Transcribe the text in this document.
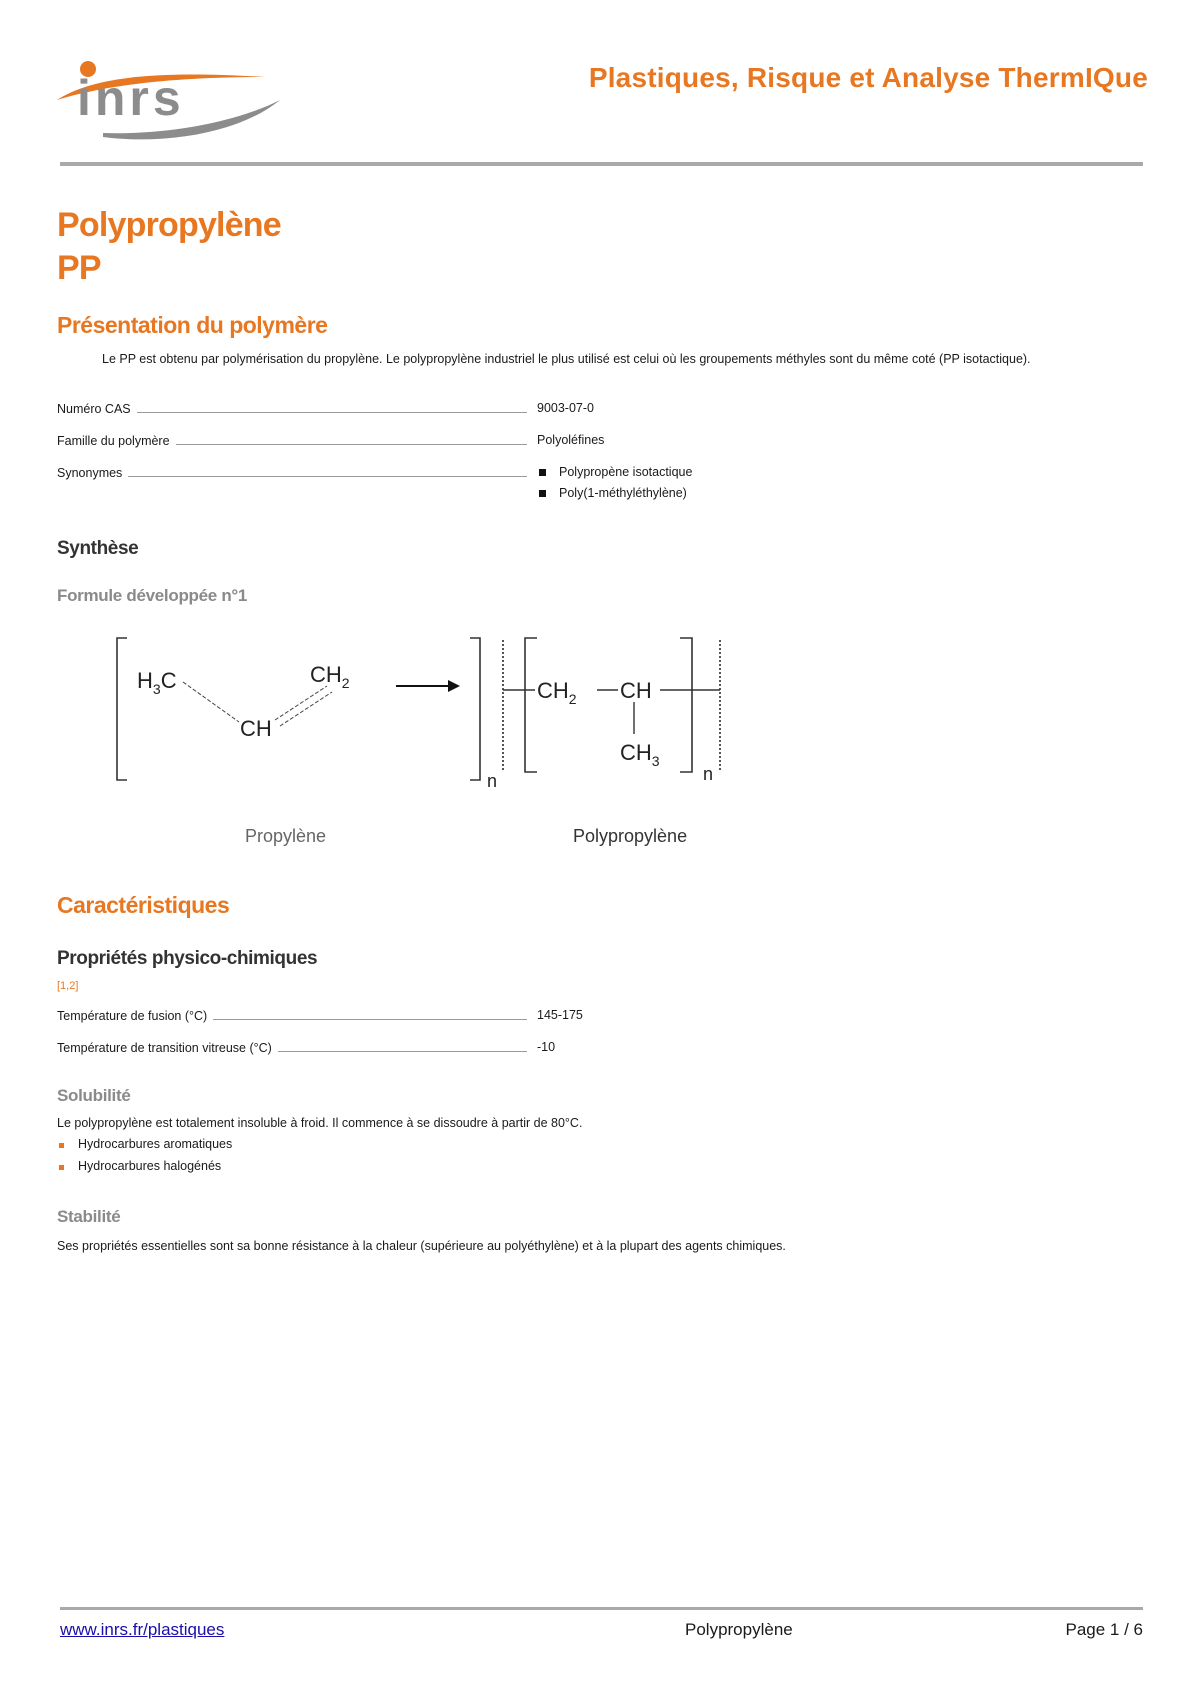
inrs	Plastiques, Risque et Analyse ThermIQue
Polypropylène
PP
Présentation du polymère
Le PP est obtenu par polymérisation du propylène. Le polypropylène industriel le plus utilisé est celui où les groupements méthyles sont du même coté (PP isotactique).
Numéro CAS	9003-07-0
Famille du polymère	Polyoléfines
Synonymes	Polypropène isotactique
Poly(1-méthyléthylène)
Synthèse
Formule développée n°1
$H_3C$	$CH_2$
CH
n
$CH_2$ CH
$CH_3$
n
Propylène	Polypropylène
Caractéristiques
Propriétés physico-chimiques
[1,2]
Température de fusion (°C)	145-175
Température de transition vitreuse (°C)	-10
Solubilité
Le polypropylène est totalement insoluble à froid. Il commence à se dissoudre à partir de 80°C.
Hydrocarbures aromatiques
Hydrocarbures halogénés
Stabilité
Ses propriétés essentielles sont sa bonne résistance à la chaleur (supérieure au polyéthylène) et à la plupart des agents chimiques.
www.inrs.fr/plastiques	Polypropylène	Page 1 / 6
